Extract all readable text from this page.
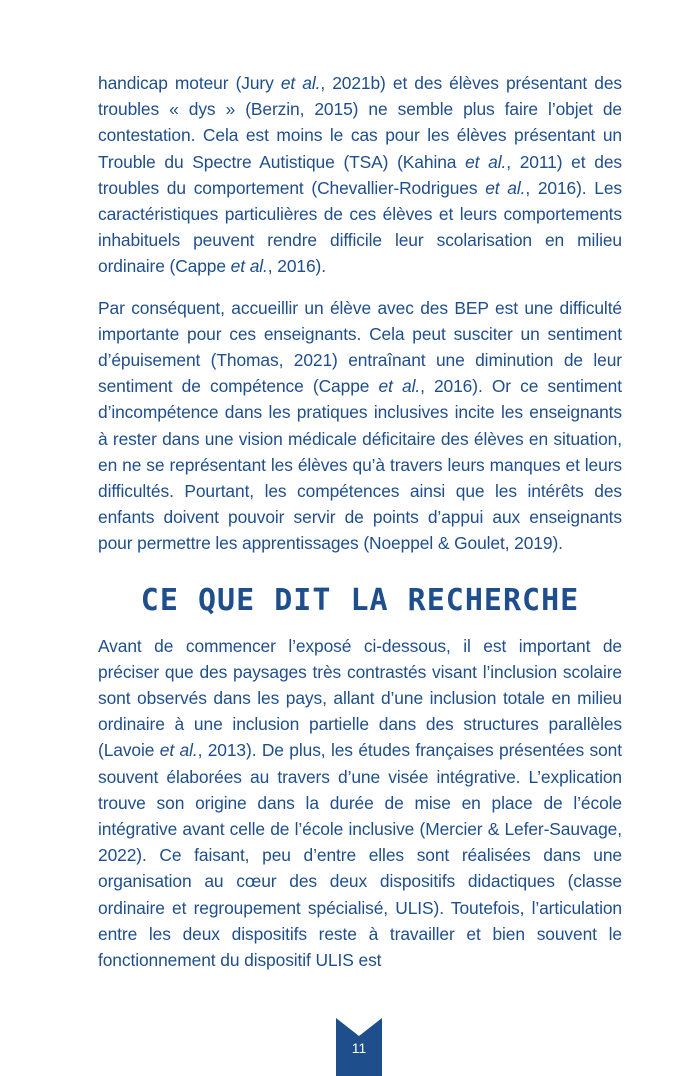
handicap moteur (Jury et al., 2021b) et des élèves présentant des troubles « dys » (Berzin, 2015) ne semble plus faire l’objet de contestation. Cela est moins le cas pour les élèves présentant un Trouble du Spectre Autistique (TSA) (Kahina et al., 2011) et des troubles du comportement (Chevallier-Rodrigues et al., 2016). Les caractéristiques particulières de ces élèves et leurs comportements inhabituels peuvent rendre difficile leur scolarisation en milieu ordinaire (Cappe et al., 2016).

Par conséquent, accueillir un élève avec des BEP est une difficulté importante pour ces enseignants. Cela peut susciter un sentiment d’épuisement (Thomas, 2021) entraînant une diminution de leur sentiment de compétence (Cappe et al., 2016). Or ce sentiment d’incompétence dans les pratiques inclusives incite les enseignants à rester dans une vision médicale déficitaire des élèves en situation, en ne se représentant les élèves qu’à travers leurs manques et leurs difficultés. Pourtant, les compétences ainsi que les intérêts des enfants doivent pouvoir servir de points d’appui aux enseignants pour permettre les apprentissages (Noeppel & Goulet, 2019).

CE QUE DIT LA RECHERCHE

Avant de commencer l’exposé ci-dessous, il est important de préciser que des paysages très contrastés visant l’inclusion scolaire sont observés dans les pays, allant d’une inclusion totale en milieu ordinaire à une inclusion partielle dans des structures parallèles (Lavoie et al., 2013). De plus, les études françaises présentées sont souvent élaborées au travers d’une visée intégrative. L’explication trouve son origine dans la durée de mise en place de l’école intégrative avant celle de l’école inclusive (Mercier & Lefer-Sauvage, 2022). Ce faisant, peu d’entre elles sont réalisées dans une organisation au cœur des deux dispositifs didactiques (classe ordinaire et regroupement spécialisé, ULIS). Toutefois, l’articulation entre les deux dispositifs reste à travailler et bien souvent le fonctionnement du dispositif ULIS est

11
